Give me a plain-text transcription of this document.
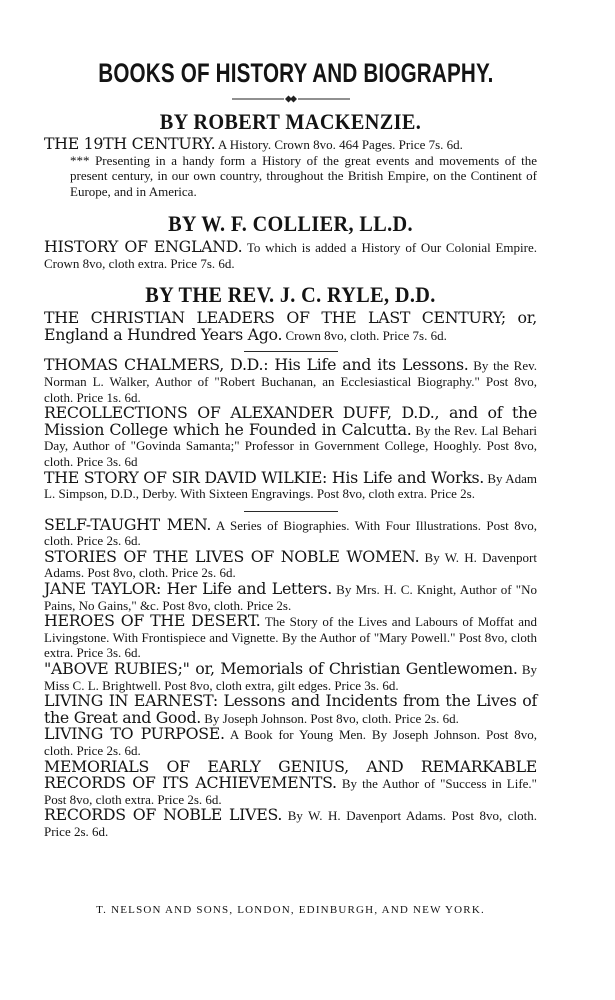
BOOKS OF HISTORY AND BIOGRAPHY.
BY ROBERT MACKENZIE.

THE 19TH CENTURY. A History. Crown 8vo. 464 Pages. Price 7s. 6d.

*** Presenting in a handy form a History of the great events and movements of the present century, in our own country, throughout the British Empire, on the Continent of Europe, and in America.

BY W. F. COLLIER, LL.D.

HISTORY OF ENGLAND. To which is added a History of Our Colonial Empire. Crown 8vo, cloth extra. Price 7s. 6d.

BY THE REV. J. C. RYLE, D.D.

THE CHRISTIAN LEADERS OF THE LAST CENTURY; or, England a Hundred Years Ago. Crown 8vo, cloth. Price 7s. 6d.

THOMAS CHALMERS, D.D.: His Life and its Lessons. By the Rev. Norman L. Walker, Author of "Robert Buchanan, an Ecclesiastical Biography." Post 8vo, cloth. Price 1s. 6d.

RECOLLECTIONS OF ALEXANDER DUFF, D.D., and of the Mission College which he Founded in Calcutta. By the Rev. Lal Behari Day, Author of "Govinda Samanta;" Professor in Government College, Hooghly. Post 8vo, cloth. Price 3s. 6d

THE STORY OF SIR DAVID WILKIE: His Life and Works. By Adam L. Simpson, D.D., Derby. With Sixteen Engravings. Post 8vo, cloth extra. Price 2s.

SELF-TAUGHT MEN. A Series of Biographies. With Four Illustrations. Post 8vo, cloth. Price 2s. 6d.

STORIES OF THE LIVES OF NOBLE WOMEN. By W. H. Davenport Adams. Post 8vo, cloth. Price 2s. 6d.

JANE TAYLOR: Her Life and Letters. By Mrs. H. C. Knight, Author of "No Pains, No Gains," &c. Post 8vo, cloth. Price 2s.

HEROES OF THE DESERT. The Story of the Lives and Labours of Moffat and Livingstone. With Frontispiece and Vignette. By the Author of "Mary Powell." Post 8vo, cloth extra. Price 3s. 6d.

"ABOVE RUBIES;" or, Memorials of Christian Gentlewomen. By Miss C. L. Brightwell. Post 8vo, cloth extra, gilt edges. Price 3s. 6d.

LIVING IN EARNEST: Lessons and Incidents from the Lives of the Great and Good. By Joseph Johnson. Post 8vo, cloth. Price 2s. 6d.

LIVING TO PURPOSE. A Book for Young Men. By Joseph Johnson. Post 8vo, cloth. Price 2s. 6d.

MEMORIALS OF EARLY GENIUS, AND REMARKABLE RECORDS OF ITS ACHIEVEMENTS. By the Author of "Success in Life." Post 8vo, cloth extra. Price 2s. 6d.

RECORDS OF NOBLE LIVES. By W. H. Davenport Adams. Post 8vo, cloth. Price 2s. 6d.

T. NELSON AND SONS, LONDON, EDINBURGH, AND NEW YORK.
